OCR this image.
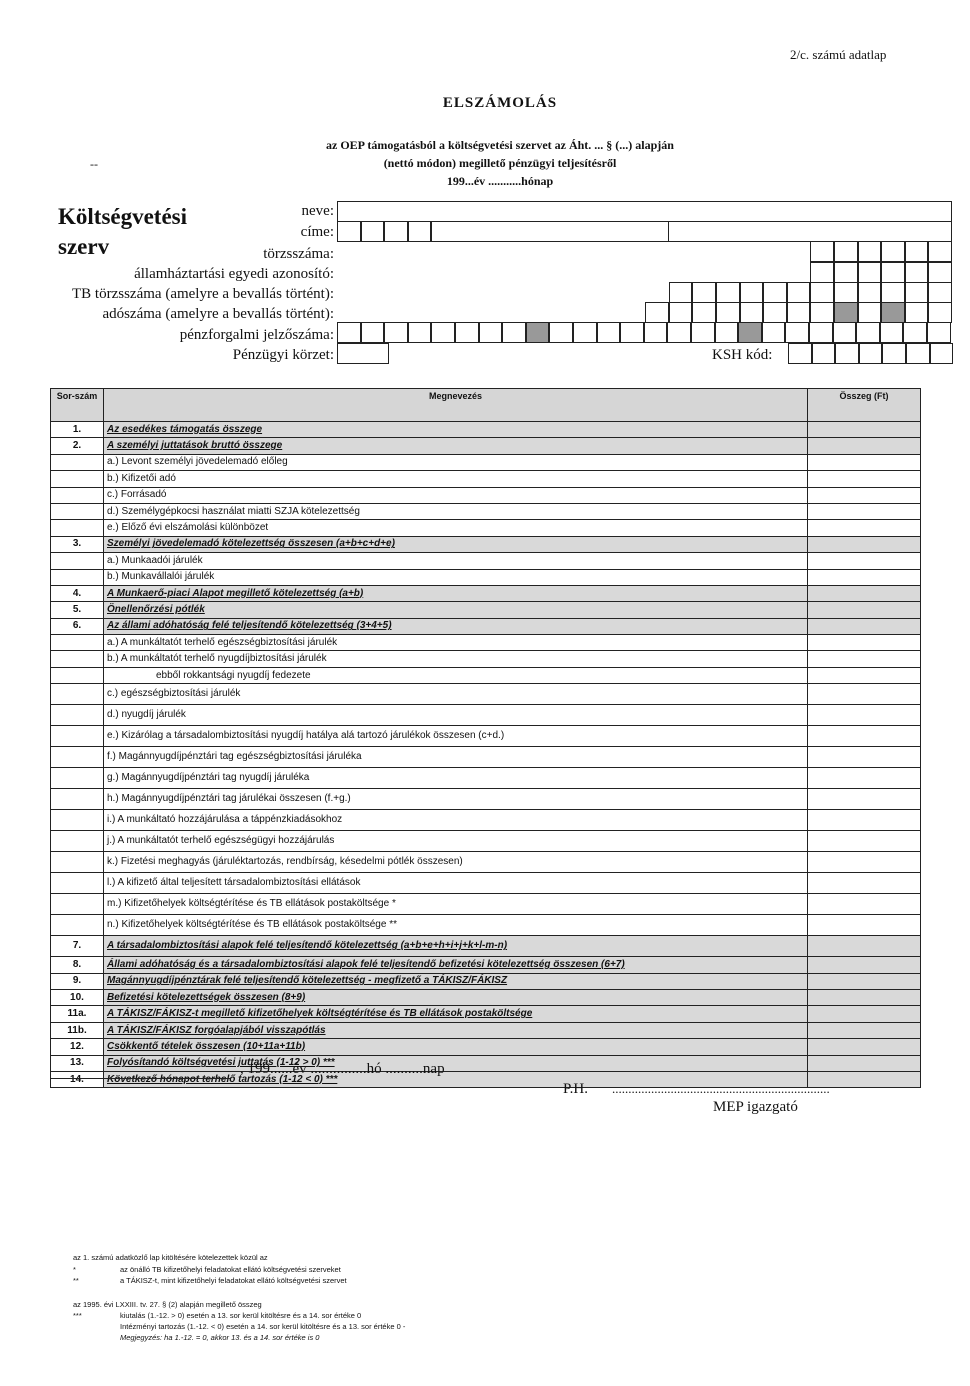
2/c. számú adatlap
ELSZÁMOLÁS
az OEP támogatásból a költségvetési szervet az Áht. ... § (...) alapján
(nettó módon) megillető pénzügyi teljesítésről
199...év ...........hónap
--
Költségvetési
szerv
neve:
címe:
törzsszáma:
államháztartási egyedi azonosító:
TB törzsszáma (amelyre a bevallás történt):
adószáma (amelyre a bevallás történt):
pénzforgalmi jelzőszáma:
Pénzügyi körzet:	KSH kód:
Sor-szám	Megnevezés	Összeg (Ft)
1.	Az esedékes támogatás összege	
2.	A személyi juttatások bruttó összege	
	a.) Levont személyi jövedelemadó előleg	
	b.) Kifizetői adó	
	c.) Forrásadó	
	d.) Személygépkocsi használat miatti SZJA kötelezettség	
	e.) Előző évi elszámolási különbözet	
3.	Személyi jövedelemadó kötelezettség összesen (a+b+c+d+e)	
	a.) Munkaadói járulék	
	b.) Munkavállalói járulék	
4.	A Munkaerő-piaci Alapot megillető kötelezettség (a+b)	
5.	Önellenőrzési pótlék	
6.	Az állami adóhatóság felé teljesítendő kötelezettség (3+4+5)	
	a.) A munkáltatót terhelő egészségbiztosítási járulék	
	b.) A munkáltatót terhelő nyugdíjbiztosítási járulék	
	ebből rokkantsági nyugdíj fedezete	
	c.) egészségbiztosítási járulék	
	d.) nyugdíj járulék	
	e.) Kizárólag a társadalombiztosítási nyugdíj hatálya alá tartozó járulékok összesen (c+d.)	
	f.) Magánnyugdíjpénztári tag egészségbiztosítási járuléka	
	g.) Magánnyugdíjpénztári tag nyugdíj járuléka	
	h.) Magánnyugdíjpénztári tag járulékai összesen (f.+g.)	
	i.) A munkáltató hozzájárulása a táppénzkiadásokhoz	
	j.) A munkáltatót terhelő egészségügyi hozzájárulás	
	k.) Fizetési meghagyás (járuléktartozás, rendbírság, késedelmi pótlék összesen)	
	l.) A kifizető által teljesített társadalombiztosítási ellátások	
	m.) Kifizetőhelyek költségtérítése és TB ellátások postaköltsége *	
	n.) Kifizetőhelyek költségtérítése és TB ellátások postaköltsége **	
7.	A társadalombiztosítási alapok felé teljesítendő kötelezettség (a+b+e+h+i+j+k+l-m-n)	
8.	Állami adóhatóság és a társadalombiztosítási alapok felé teljesítendő befizetési kötelezettség összesen (6+7)	
9.	Magánnyugdíjpénztárak felé teljesítendő kötelezettség - megfizető a TÁKISZ/FÁKISZ	
10.	Befizetési kötelezettségek összesen (8+9)	
11a.	A TÁKISZ/FÁKISZ-t megillető kifizetőhelyek költségtérítése és TB ellátások postaköltsége	
11b.	A TÁKISZ/FÁKISZ forgóalapjából visszapótlás	
12.	Csökkentő tételek összesen (10+11a+11b)	
13.	Folyósítandó költségvetési juttatás (1-12 > 0) ***	
14.	Következő hónapot terhelő tartozás (1-12 < 0) ***	
, 199......év ...............hó ..........nap
P.H. ...................................................................
MEP igazgató
az 1. számú adatközlő lap kitöltésére kötelezettek közül az
*	az önálló TB kifizetőhelyi feladatokat ellátó költségvetési szerveket
**	a TÁKISZ-t, mint kifizetőhelyi feladatokat ellátó költségvetési szervet
az 1995. évi LXXIII. tv. 27. § (2) alapján megillető összeg
***	kiutalás (1.-12. > 0) esetén a 13. sor kerül kitöltésre és a 14. sor értéke 0
Intézményi tartozás (1.-12. < 0) esetén a 14. sor kerül kitöltésre és a 13. sor értéke 0 -
Megjegyzés: ha 1.-12. = 0, akkor 13. és a 14. sor értéke is 0
